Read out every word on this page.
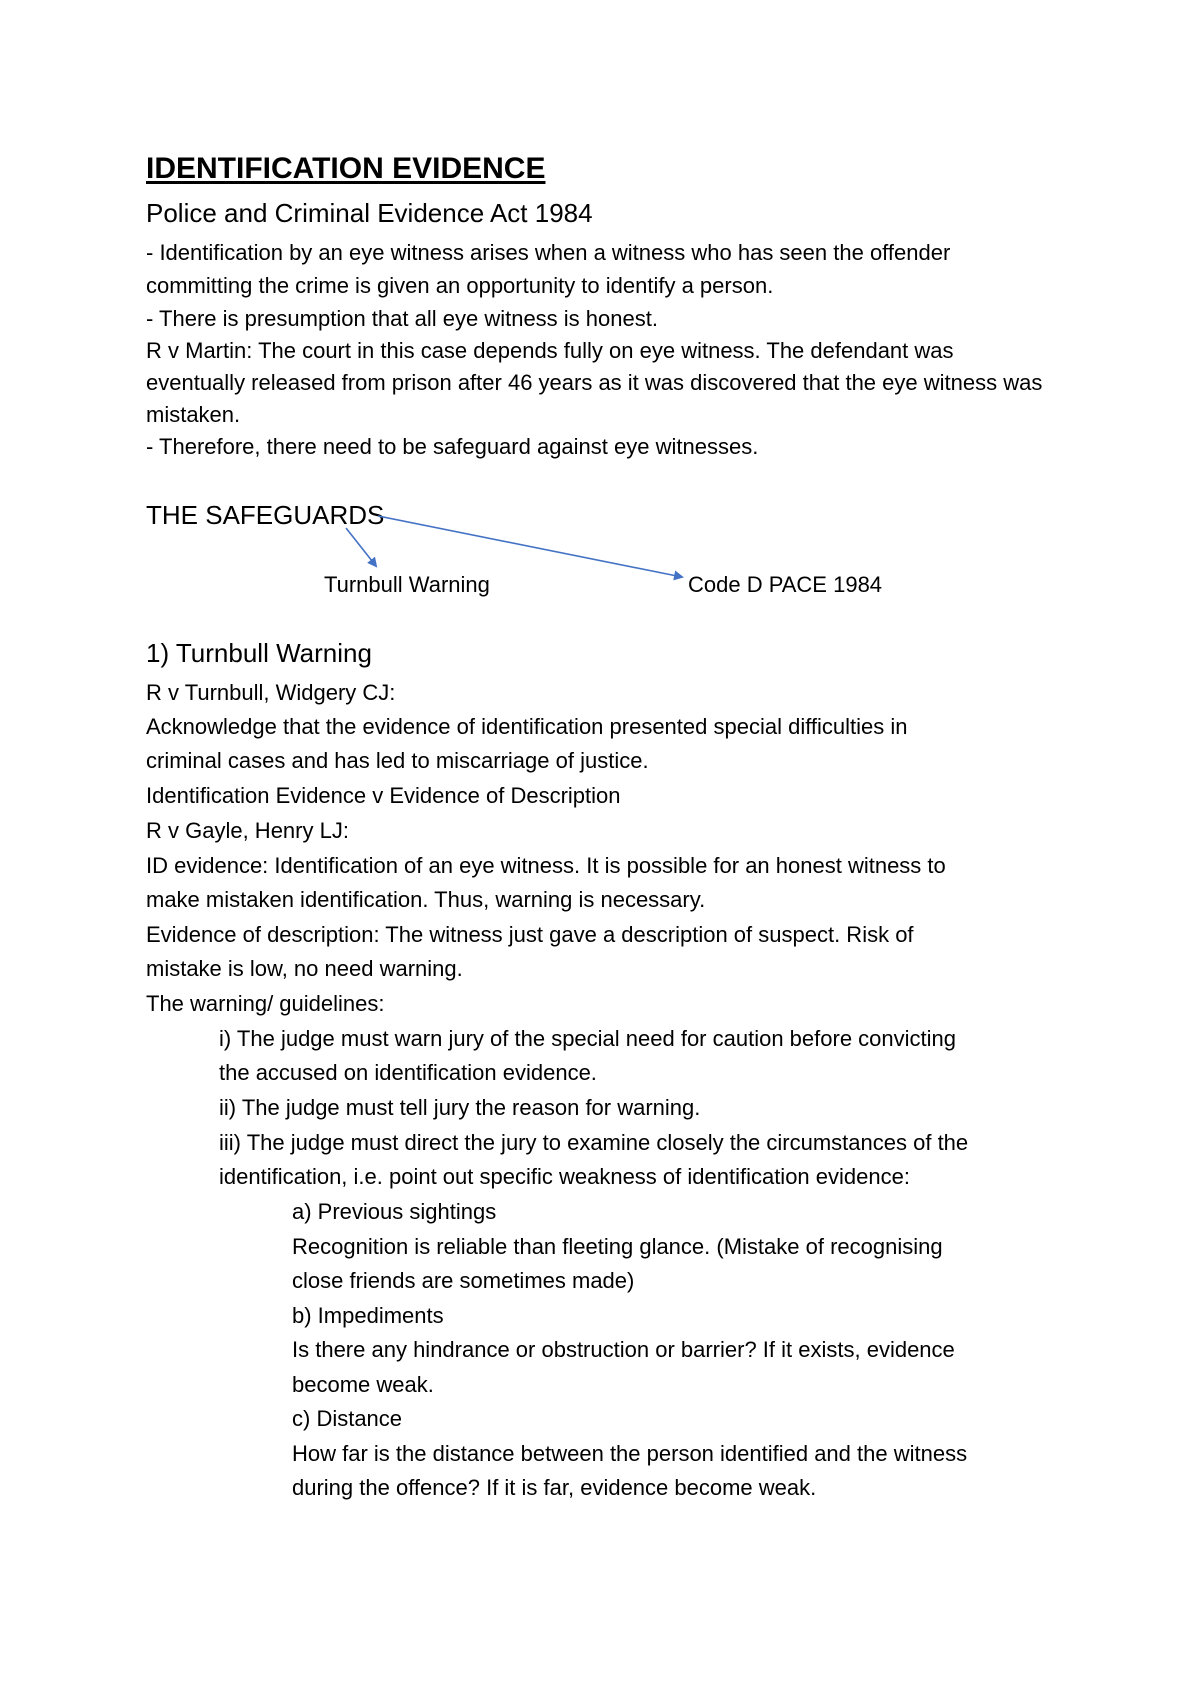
IDENTIFICATION EVIDENCE
Police and Criminal Evidence Act 1984
- Identification by an eye witness arises when a witness who has seen the offender
committing the crime is given an opportunity to identify a person.
- There is presumption that all eye witness is honest.
R v Martin: The court in this case depends fully on eye witness. The defendant was
eventually released from prison after 46 years as it was discovered that the eye witness was
mistaken.
- Therefore, there need to be safeguard against eye witnesses.
THE SAFEGUARDS
Turnbull Warning	Code D PACE 1984
1) Turnbull Warning
R v Turnbull, Widgery CJ:
Acknowledge that the evidence of identification presented special difficulties in
criminal cases and has led to miscarriage of justice.
Identification Evidence v Evidence of Description
R v Gayle, Henry LJ:
ID evidence: Identification of an eye witness. It is possible for an honest witness to
make mistaken identification. Thus, warning is necessary.
Evidence of description: The witness just gave a description of suspect. Risk of
mistake is low, no need warning.
The warning/ guidelines:
i) The judge must warn jury of the special need for caution before convicting
the accused on identification evidence.
ii) The judge must tell jury the reason for warning.
iii) The judge must direct the jury to examine closely the circumstances of the
identification, i.e. point out specific weakness of identification evidence:
a) Previous sightings
Recognition is reliable than fleeting glance. (Mistake of recognising
close friends are sometimes made)
b) Impediments
Is there any hindrance or obstruction or barrier? If it exists, evidence
become weak.
c) Distance
How far is the distance between the person identified and the witness
during the offence? If it is far, evidence become weak.
